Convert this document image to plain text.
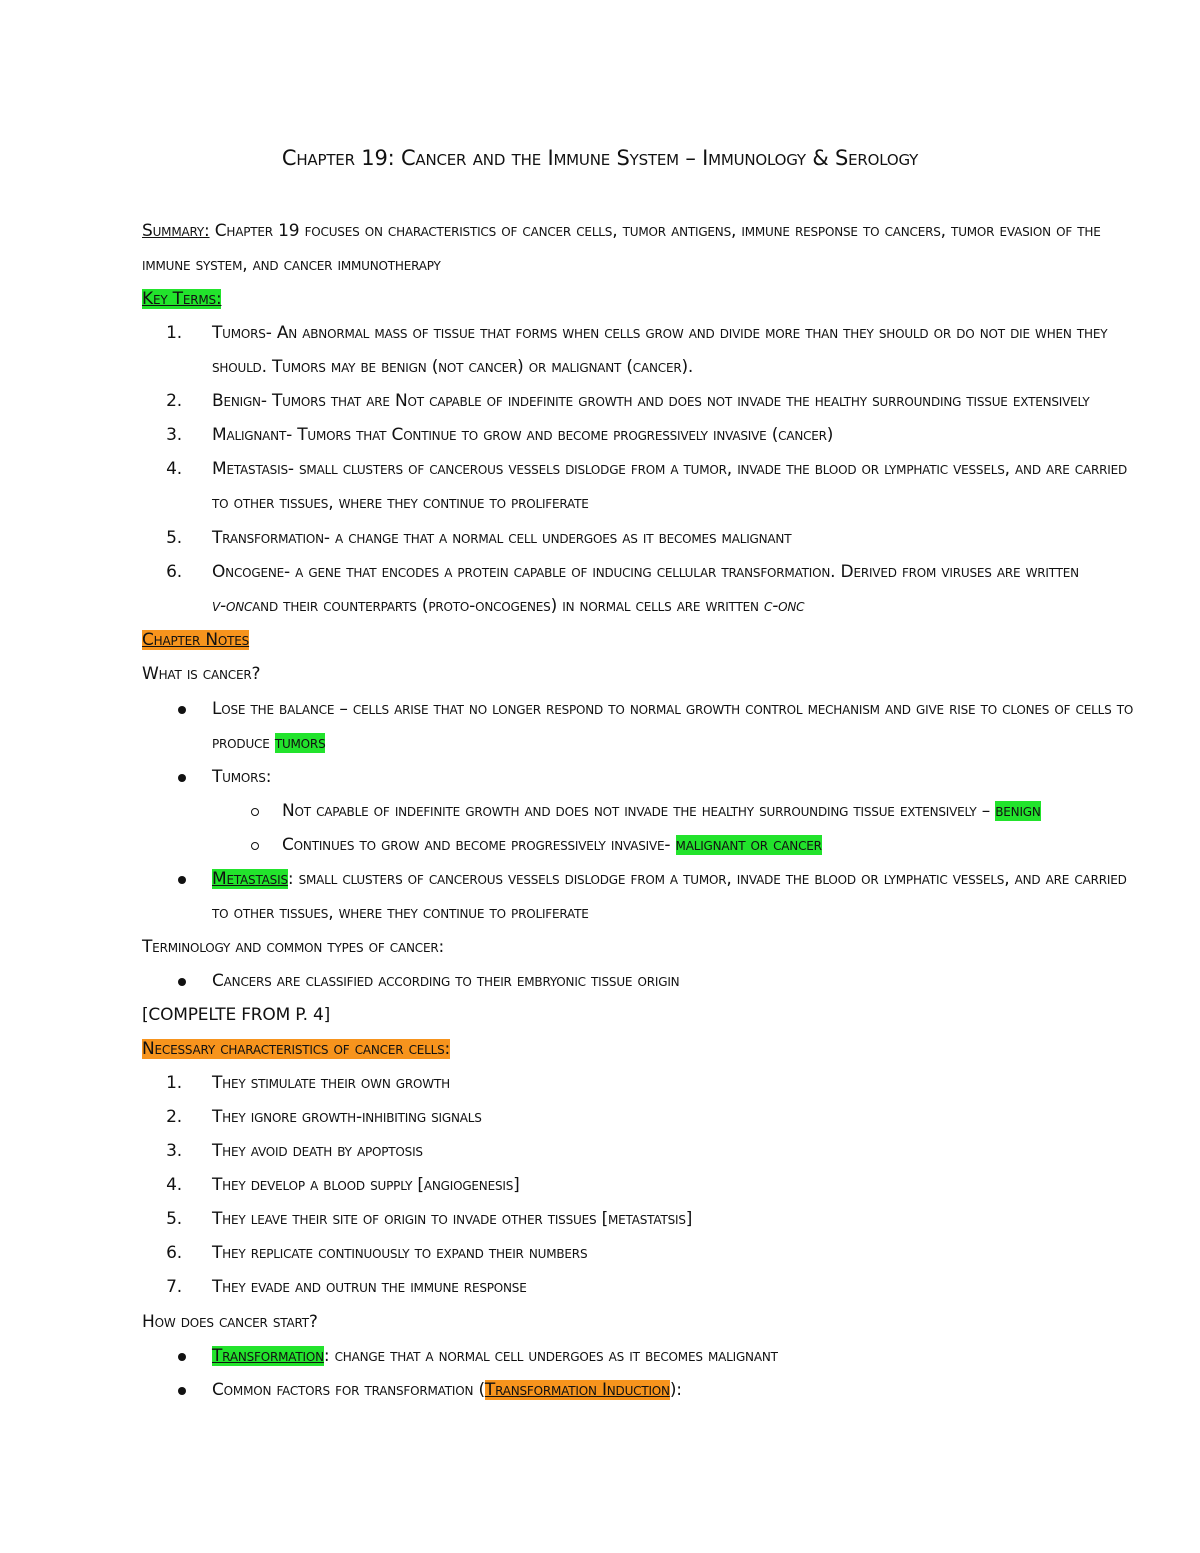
Chapter 19: Cancer and the Immune System – Immunology & Serology
Summary: Chapter 19 focuses on characteristics of cancer cells, tumor antigens, immune response to cancers, tumor evasion of the
immune system, and cancer immunotherapy
Key Terms:
1. Tumors- An abnormal mass of tissue that forms when cells grow and divide more than they should or do not die when they
should. Tumors may be benign (not cancer) or malignant (cancer).
2. Benign- Tumors that are Not capable of indefinite growth and does not invade the healthy surrounding tissue extensively
3. Malignant- Tumors that Continue to grow and become progressively invasive (cancer)
4. Metastasis- small clusters of cancerous vessels dislodge from a tumor, invade the blood or lymphatic vessels, and are carried
to other tissues, where they continue to proliferate
5. Transformation- a change that a normal cell undergoes as it becomes malignant
6. Oncogene- a gene that encodes a protein capable of inducing cellular transformation. Derived from viruses are written
v-oncand their counterparts (proto-oncogenes) in normal cells are written c-onc
Chapter Notes
What is cancer?
Lose the balance – cells arise that no longer respond to normal growth control mechanism and give rise to clones of cells to
produce tumors
Tumors:
Not capable of indefinite growth and does not invade the healthy surrounding tissue extensively – benign
Continues to grow and become progressively invasive- malignant or cancer
Metastasis: small clusters of cancerous vessels dislodge from a tumor, invade the blood or lymphatic vessels, and are carried
to other tissues, where they continue to proliferate
Terminology and common types of cancer:
Cancers are classified according to their embryonic tissue origin
[COMPELTE FROM P. 4]
Necessary characteristics of cancer cells:
1. They stimulate their own growth
2. They ignore growth-inhibiting signals
3. They avoid death by apoptosis
4. They develop a blood supply [angiogenesis]
5. They leave their site of origin to invade other tissues [metastatsis]
6. They replicate continuously to expand their numbers
7. They evade and outrun the immune response
How does cancer start?
Transformation: change that a normal cell undergoes as it becomes malignant
Common factors for transformation (Transformation Induction):
